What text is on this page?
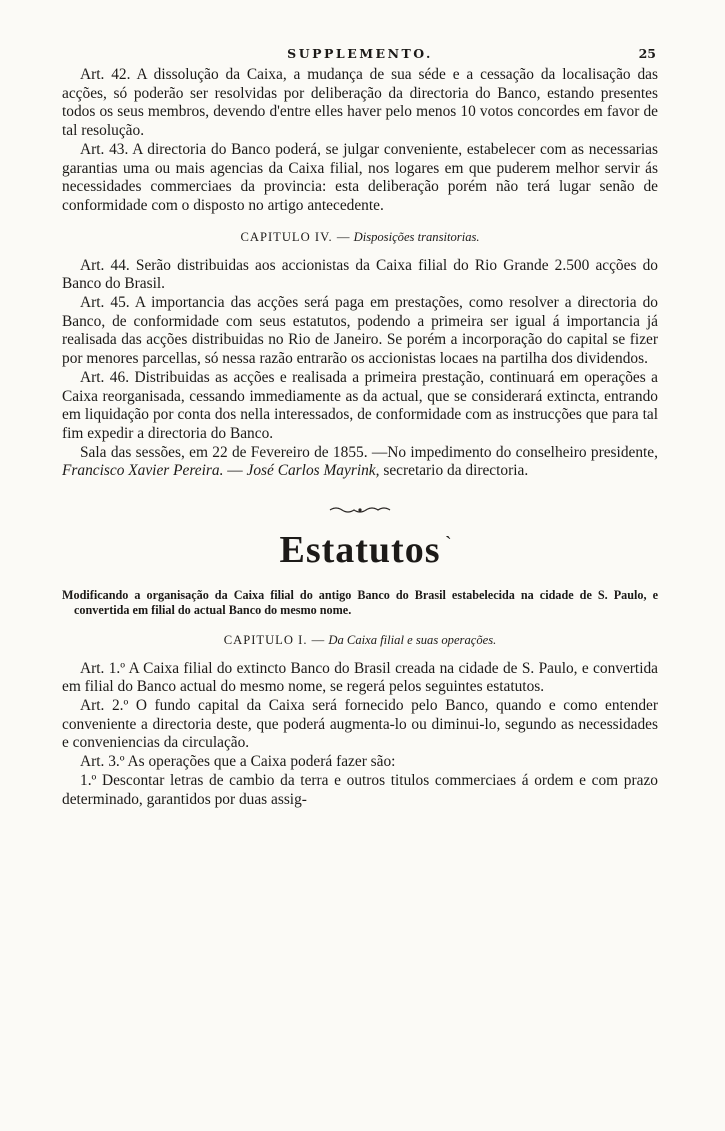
SUPPLEMENTO.	25

Art. 42. A dissolução da Caixa, a mudança de sua séde e a cessação da localisação das acções, só poderão ser resolvidas por deliberação da directoria do Banco, estando presentes todos os seus membros, devendo d'entre elles haver pelo menos 10 votos concordes em favor de tal resolução.

Art. 43. A directoria do Banco poderá, se julgar conveniente, estabelecer com as necessarias garantias uma ou mais agencias da Caixa filial, nos logares em que puderem melhor servir ás necessidades commerciaes da provincia: esta deliberação porém não terá lugar senão de conformidade com o disposto no artigo antecedente.

CAPITULO IV. — Disposições transitorias.

Art. 44. Serão distribuidas aos accionistas da Caixa filial do Rio Grande 2.500 acções do Banco do Brasil.

Art. 45. A importancia das acções será paga em prestações, como resolver a directoria do Banco, de conformidade com seus estatutos, podendo a primeira ser igual á importancia já realisada das acções distribuidas no Rio de Janeiro. Se porém a incorporação do capital se fizer por menores parcellas, só nessa razão entrarão os accionistas locaes na partilha dos dividendos.

Art. 46. Distribuidas as acções e realisada a primeira prestação, continuará em operações a Caixa reorganisada, cessando immediamente as da actual, que se considerará extincta, entrando em liquidação por conta dos nella interessados, de conformidade com as instrucções que para tal fim expedir a directoria do Banco.

Sala das sessões, em 22 de Fevereiro de 1855. —No impedimento do conselheiro presidente, Francisco Xavier Pereira. — José Carlos Mayrink, secretario da directoria.

Estatutos `

Modificando a organisação da Caixa filial do antigo Banco do Brasil estabelecida na cidade de S. Paulo, e convertida em filial do actual Banco do mesmo nome.

CAPITULO I. — Da Caixa filial e suas operações.

Art. 1.º A Caixa filial do extincto Banco do Brasil creada na cidade de S. Paulo, e convertida em filial do Banco actual do mesmo nome, se regerá pelos seguintes estatutos.

Art. 2.º O fundo capital da Caixa será fornecido pelo Banco, quando e como entender conveniente a directoria deste, que poderá augmenta-lo ou diminui-lo, segundo as necessidades e conveniencias da circulação.

Art. 3.º As operações que a Caixa poderá fazer são:

1.º Descontar letras de cambio da terra e outros titulos commerciaes á ordem e com prazo determinado, garantidos por duas assig-
